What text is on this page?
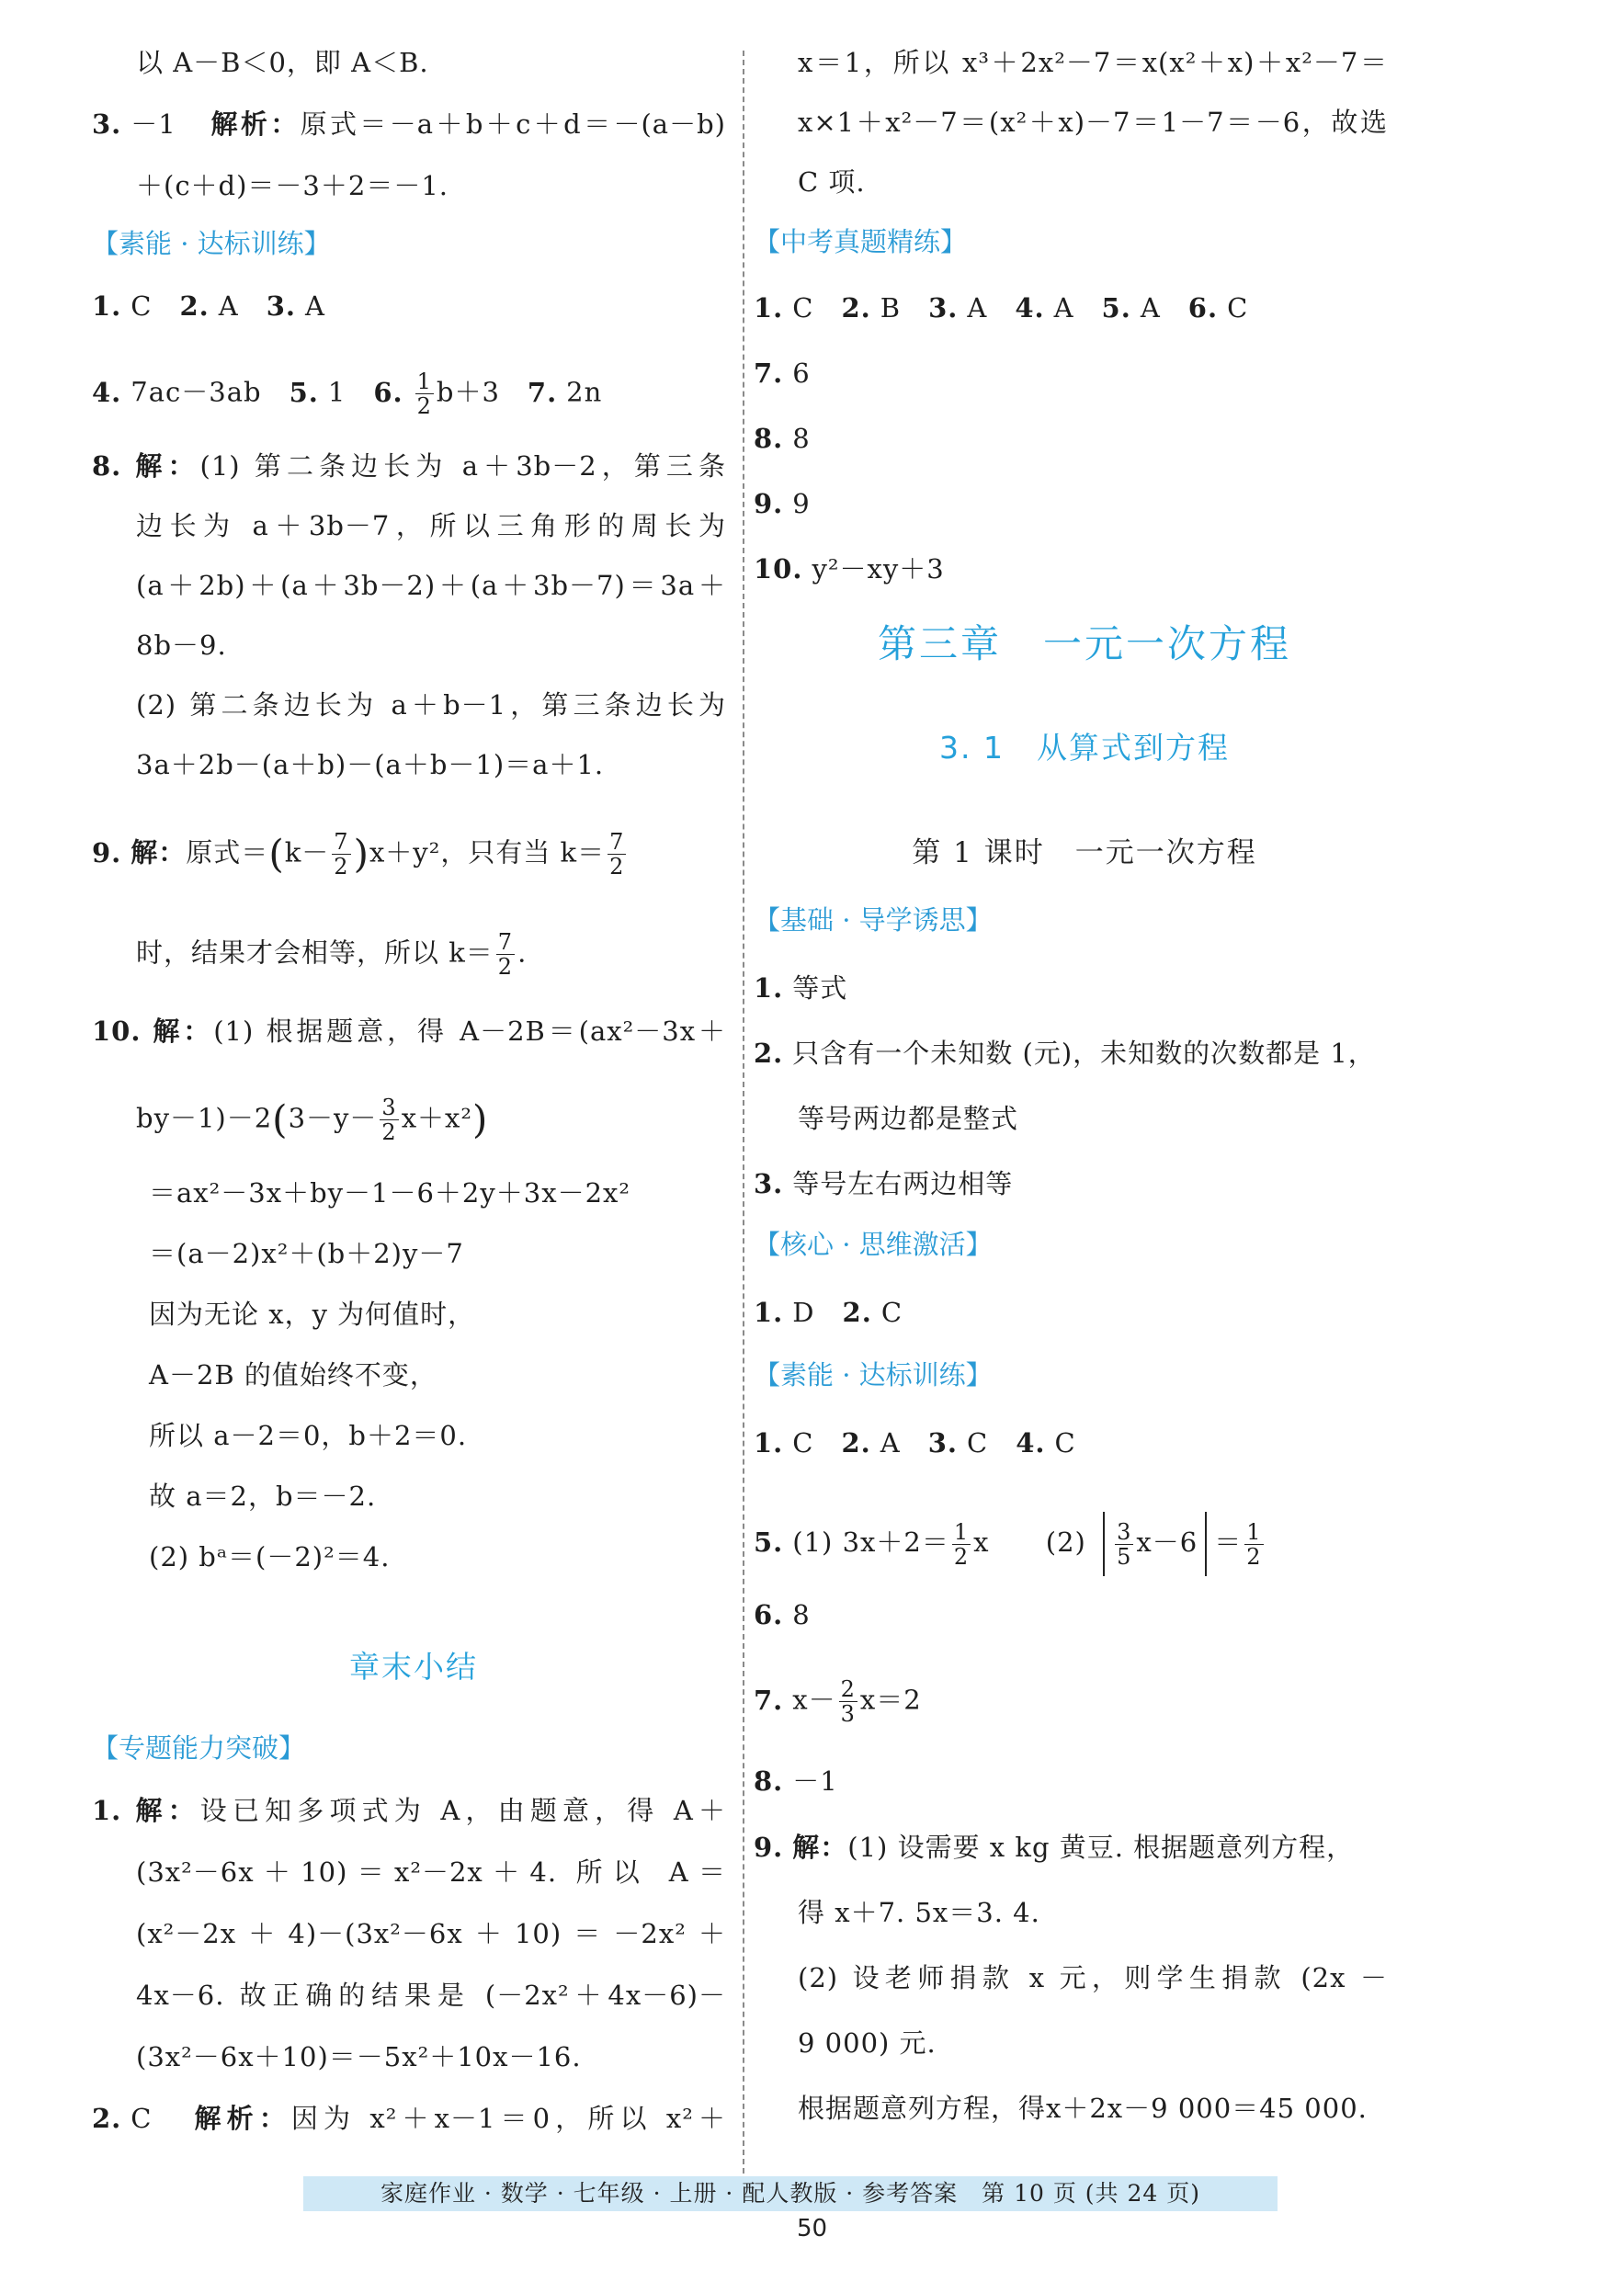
以 A－B＜0，即 A＜B.
3. －1 解析：原式＝－a＋b＋c＋d＝－(a－b)
＋(c＋d)＝－3＋2＝－1.
【素能 · 达标训练】
1. C 2. A 3. A
4. 7ac－3ab 5. 1 6. $\frac{1}{2} b+3$ 7. 2n
8. 解：(1) 第二条边长为 a＋3b－2，第三条
边长为 a＋3b－7，所以三角形的周长为
(a＋2b)＋(a＋3b－2)＋(a＋3b－7)＝3a＋
8b－9.
(2) 第二条边长为 a＋b－1，第三条边长为
3a＋2b－(a＋b)－(a＋b－1)＝a＋1.
9. 解：原式$=(k- \frac{7}{2} )x+y^2$，只有当 $k= \frac{7}{2}$
时，结果才会相等，所以 $k= \frac{7}{2}$ .
10. 解：(1) 根据题意，得 A－2B＝(ax²－3x＋
$by-1)-2(3-y- \frac{3}{2} x+x^2)$
＝ax²－3x＋by－1－6＋2y＋3x－2x²
＝(a－2)x²＋(b＋2)y－7
因为无论 x，y 为何值时，
A－2B 的值始终不变，
所以 a－2＝0，b＋2＝0.
故 a＝2，b＝－2.
(2) bᵃ＝(－2)²＝4.
章末小结
【专题能力突破】
1. 解：设已知多项式为 A，由题意，得 A＋
(3x²－6x＋10)＝x²－2x＋4. 所以 A＝
(x²－2x＋4)－(3x²－6x＋10)＝－2x²＋
4x－6. 故正确的结果是 (－2x²＋4x－6)－
(3x²－6x＋10)＝－5x²＋10x－16.
2. C 解析：因为 x²＋x－1＝0，所以 x²＋
x＝1，所以 x³＋2x²－7＝x(x²＋x)＋x²－7＝
x×1＋x²－7＝(x²＋x)－7＝1－7＝－6，故选
C 项.
【中考真题精练】
1. C 2. B 3. A 4. A 5. A 6. C
7. 6
8. 8
9. 9
10. y²－xy＋3
第三章　一元一次方程
3. 1　从算式到方程
第 1 课时　一元一次方程
【基础 · 导学诱思】
1. 等式
2. 只含有一个未知数 (元)，未知数的次数都是 1，
等号两边都是整式
3. 等号左右两边相等
【核心 · 思维激活】
1. D 2. C
【素能 · 达标训练】
1. C 2. A 3. C 4. C
5. (1) $3x+2= \frac{1}{2}$ x $(2) \frac{3}{5} x-6 = \frac{1}{2}$
6. 8
7. $x- \frac{2}{3} x=2$
8. －1
9. 解：(1) 设需要 x kg 黄豆. 根据题意列方程，
得 x＋7. 5x＝3. 4.
(2) 设老师捐款 x 元，则学生捐款 (2x －
9 000) 元.
根据题意列方程，得x＋2x－9 000＝45 000.
家庭作业 · 数学 · 七年级 · 上册 · 配人教版 · 参考答案　第 10 页 (共 24 页)
50
